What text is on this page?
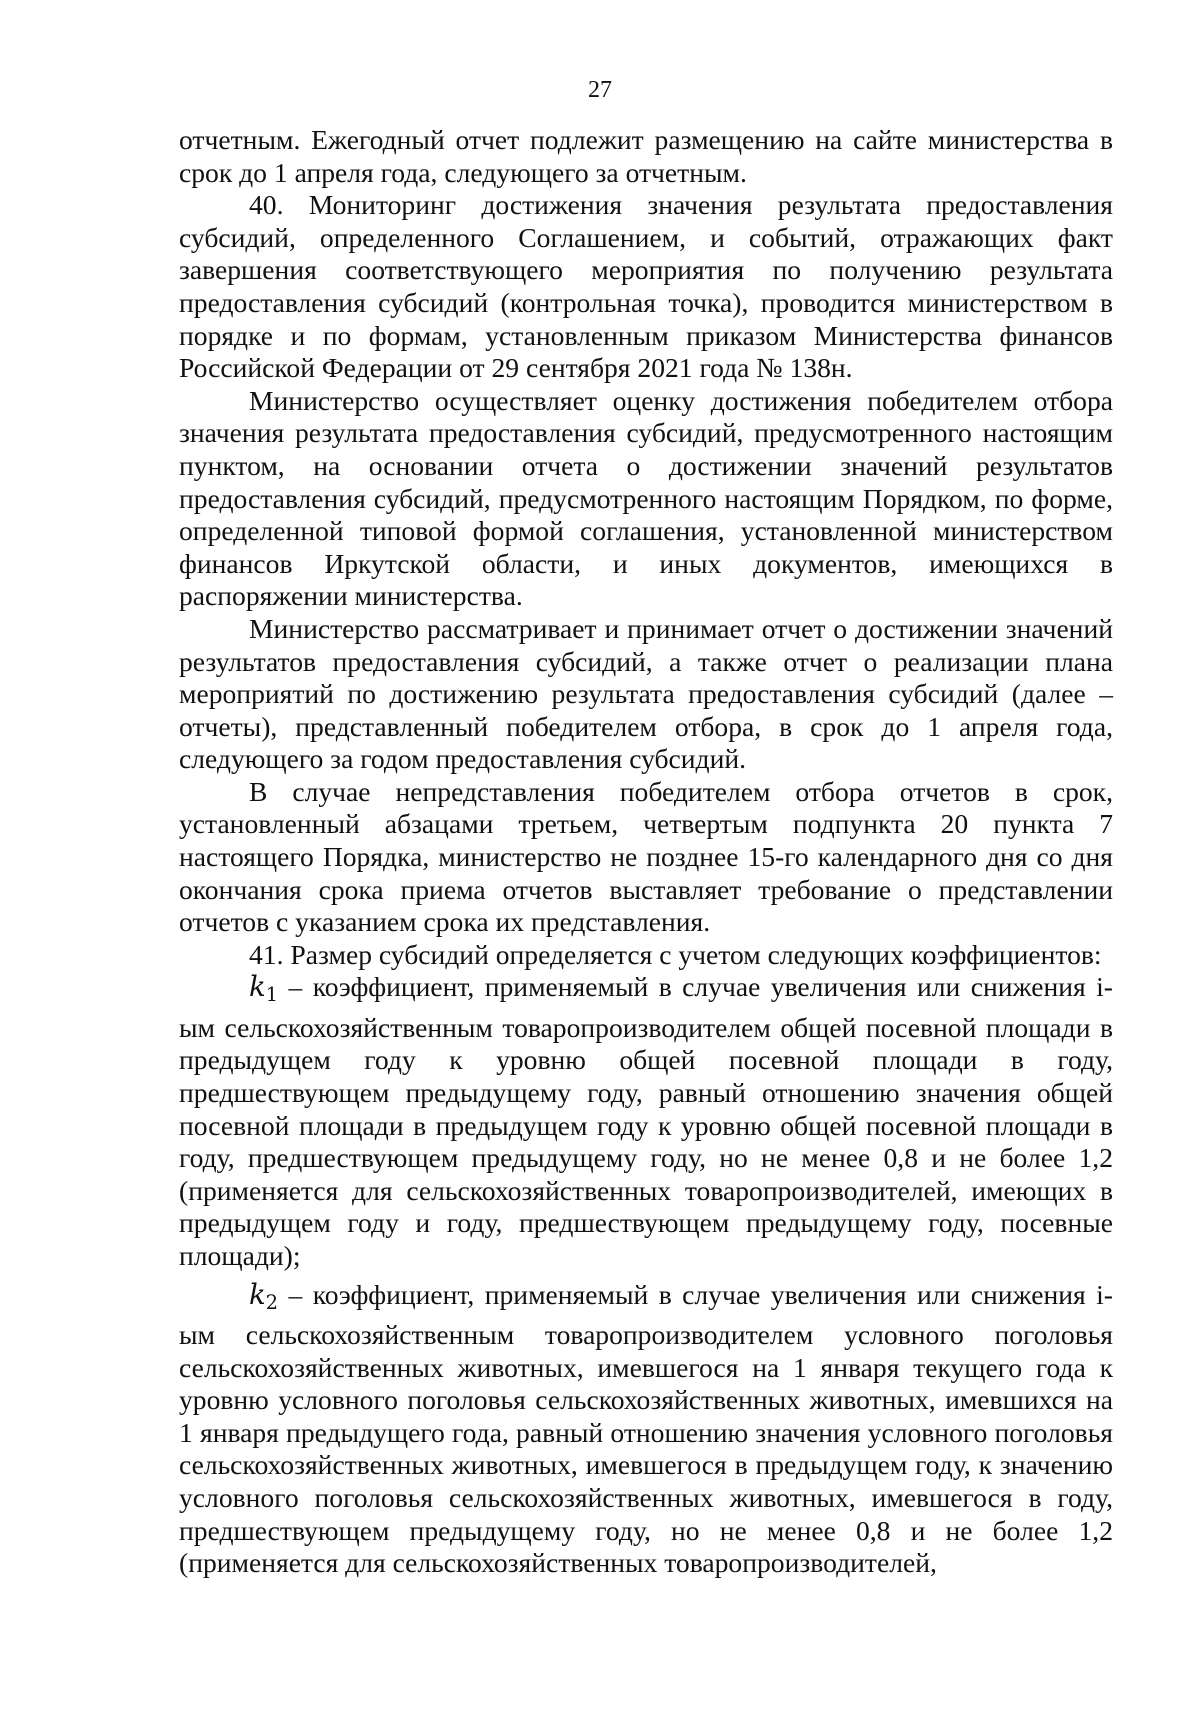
27

отчетным. Ежегодный отчет подлежит размещению на сайте министерства в срок до 1 апреля года, следующего за отчетным.

40. Мониторинг достижения значения результата предоставления субсидий, определенного Соглашением, и событий, отражающих факт завершения соответствующего мероприятия по получению результата предоставления субсидий (контрольная точка), проводится министерством в порядке и по формам, установленным приказом Министерства финансов Российской Федерации от 29 сентября 2021 года № 138н.

Министерство осуществляет оценку достижения победителем отбора значения результата предоставления субсидий, предусмотренного настоящим пунктом, на основании отчета о достижении значений результатов предоставления субсидий, предусмотренного настоящим Порядком, по форме, определенной типовой формой соглашения, установленной министерством финансов Иркутской области, и иных документов, имеющихся в распоряжении министерства.

Министерство рассматривает и принимает отчет о достижении значений результатов предоставления субсидий, а также отчет о реализации плана мероприятий по достижению результата предоставления субсидий (далее – отчеты), представленный победителем отбора, в срок до 1 апреля года, следующего за годом предоставления субсидий.

В случае непредставления победителем отбора отчетов в срок, установленный абзацами третьем, четвертым подпункта 20 пункта 7 настоящего Порядка, министерство не позднее 15-го календарного дня со дня окончания срока приема отчетов выставляет требование о представлении отчетов с указанием срока их представления.

41. Размер субсидий определяется с учетом следующих коэффициентов:

$k_1$ – коэффициент, применяемый в случае увеличения или снижения i-ым сельскохозяйственным товаропроизводителем общей посевной площади в предыдущем году к уровню общей посевной площади в году, предшествующем предыдущему году, равный отношению значения общей посевной площади в предыдущем году к уровню общей посевной площади в году, предшествующем предыдущему году, но не менее 0,8 и не более 1,2 (применяется для сельскохозяйственных товаропроизводителей, имеющих в предыдущем году и году, предшествующем предыдущему году, посевные площади);

$k_2$ – коэффициент, применяемый в случае увеличения или снижения i-ым сельскохозяйственным товаропроизводителем условного поголовья сельскохозяйственных животных, имевшегося на 1 января текущего года к уровню условного поголовья сельскохозяйственных животных, имевшихся на 1 января предыдущего года, равный отношению значения условного поголовья сельскохозяйственных животных, имевшегося в предыдущем году, к значению условного поголовья сельскохозяйственных животных, имевшегося в году, предшествующем предыдущему году, но не менее 0,8 и не более 1,2 (применяется для сельскохозяйственных товаропроизводителей,
